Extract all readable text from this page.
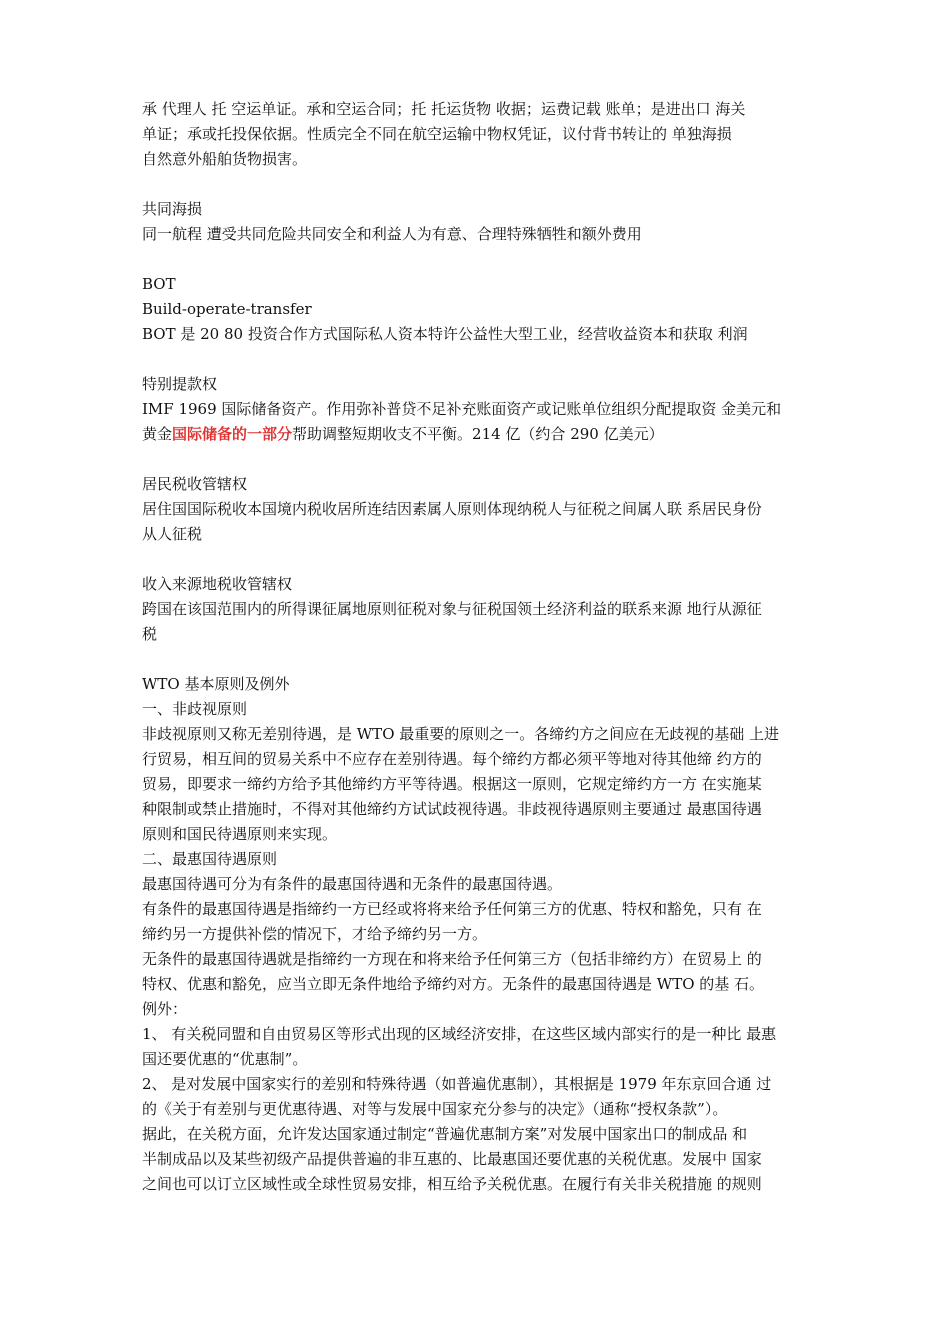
承 代理人 托 空运单证。承和空运合同；托 托运货物 收据；运费记载 账单；是进出口 海关

单证；承或托投保依据。性质完全不同在航空运输中物权凭证，议付背书转让的 单独海损

自然意外船舶货物损害。

共同海损

同一航程 遭受共同危险共同安全和利益人为有意、合理特殊牺牲和额外费用

BOT

Build-operate-transfer

BOT 是 20 80 投资合作方式国际私人资本特许公益性大型工业，经营收益资本和获取 利润

特别提款权

IMF 1969 国际储备资产。作用弥补普贷不足补充账面资产或记账单位组织分配提取资 金美元和

黄金国际储备的一部分帮助调整短期收支不平衡。214 亿（约合 290 亿美元）

居民税收管辖权

居住国国际税收本国境内税收居所连结因素属人原则体现纳税人与征税之间属人联 系居民身份

从人征税

收入来源地税收管辖权

跨国在该国范围内的所得课征属地原则征税对象与征税国领土经济利益的联系来源 地行从源征

税

WTO 基本原则及例外

一、非歧视原则

非歧视原则又称无差别待遇，是 WTO 最重要的原则之一。各缔约方之间应在无歧视的基础 上进

行贸易，相互间的贸易关系中不应存在差别待遇。每个缔约方都必须平等地对待其他缔 约方的

贸易，即要求一缔约方给予其他缔约方平等待遇。根据这一原则，它规定缔约方一方 在实施某

种限制或禁止措施时，不得对其他缔约方试试歧视待遇。非歧视待遇原则主要通过 最惠国待遇

原则和国民待遇原则来实现。

二、最惠国待遇原则

最惠国待遇可分为有条件的最惠国待遇和无条件的最惠国待遇。

有条件的最惠国待遇是指缔约一方已经或将将来给予任何第三方的优惠、特权和豁免，只有 在

缔约另一方提供补偿的情况下，才给予缔约另一方。

无条件的最惠国待遇就是指缔约一方现在和将来给予任何第三方（包括非缔约方）在贸易上 的

特权、优惠和豁免，应当立即无条件地给予缔约对方。无条件的最惠国待遇是 WTO 的基 石。

例外：

1、 有关税同盟和自由贸易区等形式出现的区域经济安排，在这些区域内部实行的是一种比 最惠

国还要优惠的“优惠制”。

2、 是对发展中国家实行的差别和特殊待遇（如普遍优惠制），其根据是 1979 年东京回合通 过

的《关于有差别与更优惠待遇、对等与发展中国家充分参与的决定》（通称“授权条款”）。

据此，在关税方面，允许发达国家通过制定“普遍优惠制方案”对发展中国家出口的制成品 和

半制成品以及某些初级产品提供普遍的非互惠的、比最惠国还要优惠的关税优惠。发展中 国家

之间也可以订立区域性或全球性贸易安排，相互给予关税优惠。在履行有关非关税措施 的规则
